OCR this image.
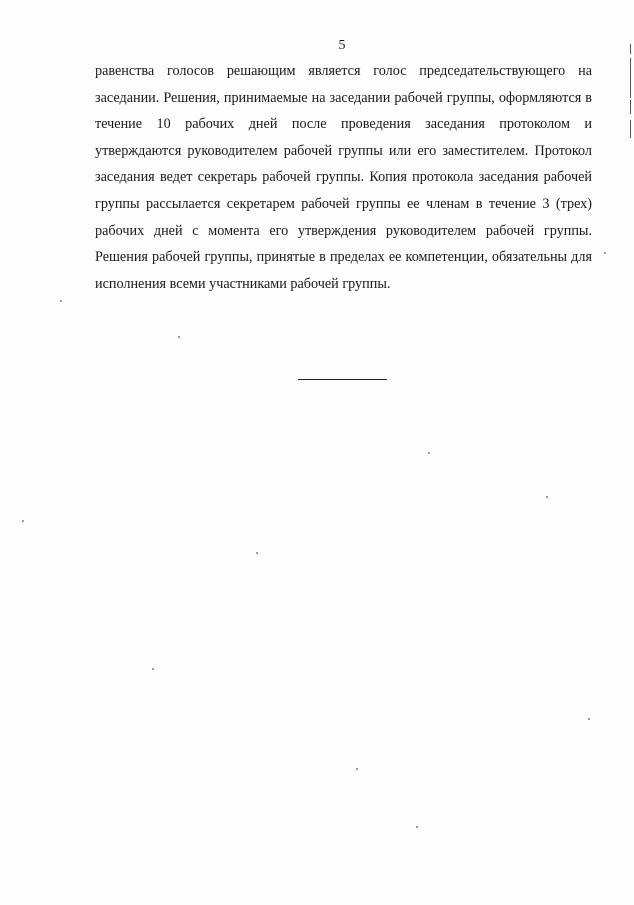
5

равенства голосов решающим является голос председательствующего на заседании. Решения, принимаемые на заседании рабочей группы, оформляются в течение 10 рабочих дней после проведения заседания протоколом и утверждаются руководителем рабочей группы или его заместителем. Протокол заседания ведет секретарь рабочей группы. Копия протокола заседания рабочей группы рассылается секретарем рабочей группы ее членам в течение 3 (трех) рабочих дней с момента его утверждения руководителем рабочей группы. Решения рабочей группы, принятые в пределах ее компетенции, обязательны для исполнения всеми участниками рабочей группы.
